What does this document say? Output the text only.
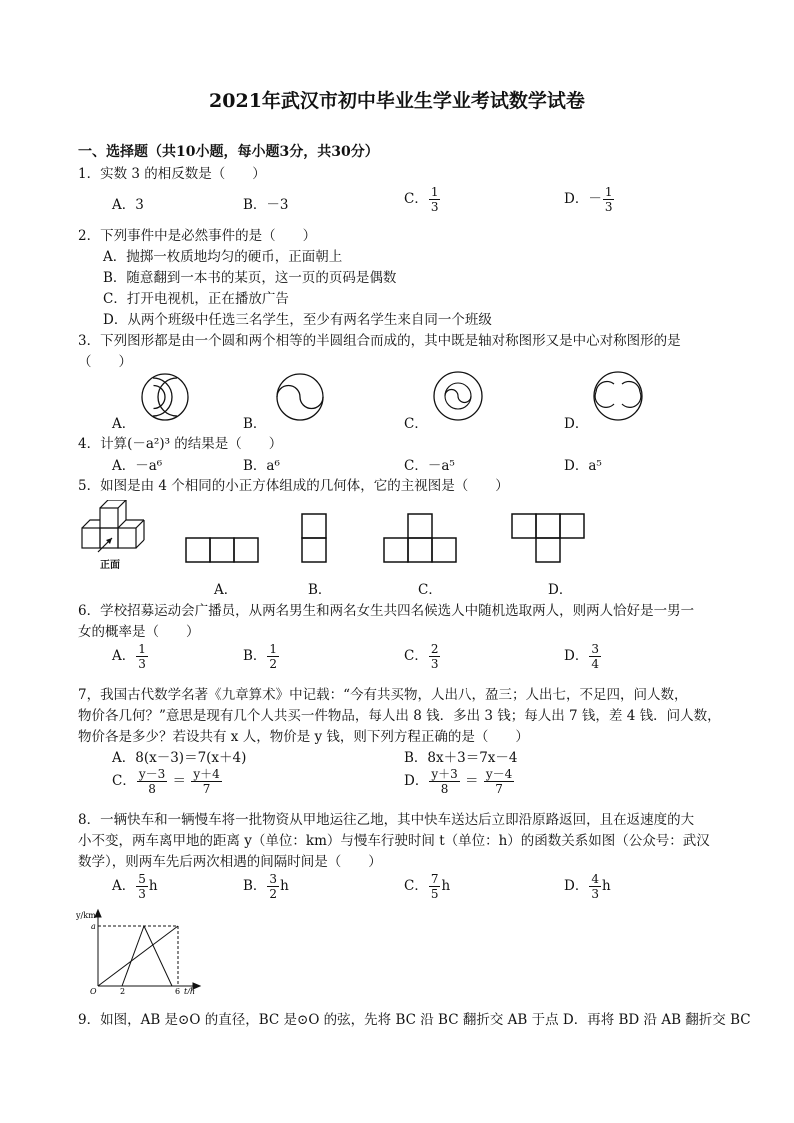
2021年武汉市初中毕业生学业考试数学试卷
一、选择题（共10小题，每小题3分，共30分）
1．实数 3 的相反数是（　　）
A．3	B．－3	C． $\frac{1}{3}$	D．－ $\frac{1}{3}$
2．下列事件中是必然事件的是（　　）
A．抛掷一枚质地均匀的硬币，正面朝上
B．随意翻到一本书的某页，这一页的页码是偶数
C．打开电视机，正在播放广告
D．从两个班级中任选三名学生，至少有两名学生来自同一个班级
3．下列图形都是由一个圆和两个相等的半圆组合而成的，其中既是轴对称图形又是中心对称图形的是
（　　）
A．	B．	C．	D．
4．计算(－a²)³ 的结果是（　　）
A．－a⁶	B．a⁶	C．－a⁵	D．a⁵
5．如图是由 4 个相同的小正方体组成的几何体，它的主视图是（　　）
正面
A．	B．	C．	D．
6．学校招募运动会广播员，从两名男生和两名女生共四名候选人中随机选取两人，则两人恰好是一男一
女的概率是（　　）
A． $\frac{1}{3}$	B． $\frac{1}{2}$	C． $\frac{2}{3}$	D． $\frac{3}{4}$
7，我国古代数学名著《九章算术》中记载：“今有共买物，人出八，盈三；人出七，不足四，问人数，
物价各几何？”意思是现有几个人共买一件物品，每人出 8 钱．多出 3 钱；每人出 7 钱，差 4 钱．问人数，
物价各是多少？若设共有 x 人，物价是 y 钱，则下列方程正确的是（　　）
A．8(x－3)＝7(x＋4)	B．8x＋3＝7x－4
C． $\frac{y-3}{8} = \frac{y+4}{7}$	D． $\frac{y+3}{8} = \frac{y-4}{7}$
8．一辆快车和一辆慢车将一批物资从甲地运往乙地，其中快车送达后立即沿原路返回，且在返速度的大
小不变，两车离甲地的距离 y（单位：km）与慢车行驶时间 t（单位：h）的函数关系如图（公众号：武汉
数学），则两车先后两次相遇的间隔时间是（　　）
A． $\frac{5}{3}$ h	B． $\frac{3}{2}$ h	C． $\frac{7}{5}$ h	D． $\frac{4}{3}$ h
y/km
a
O	2	6 t/h
9．如图，AB 是⊙O 的直径，BC 是⊙O 的弦，先将 BC 沿 BC 翻折交 AB 于点 D．再将 BD 沿 AB 翻折交 BC
